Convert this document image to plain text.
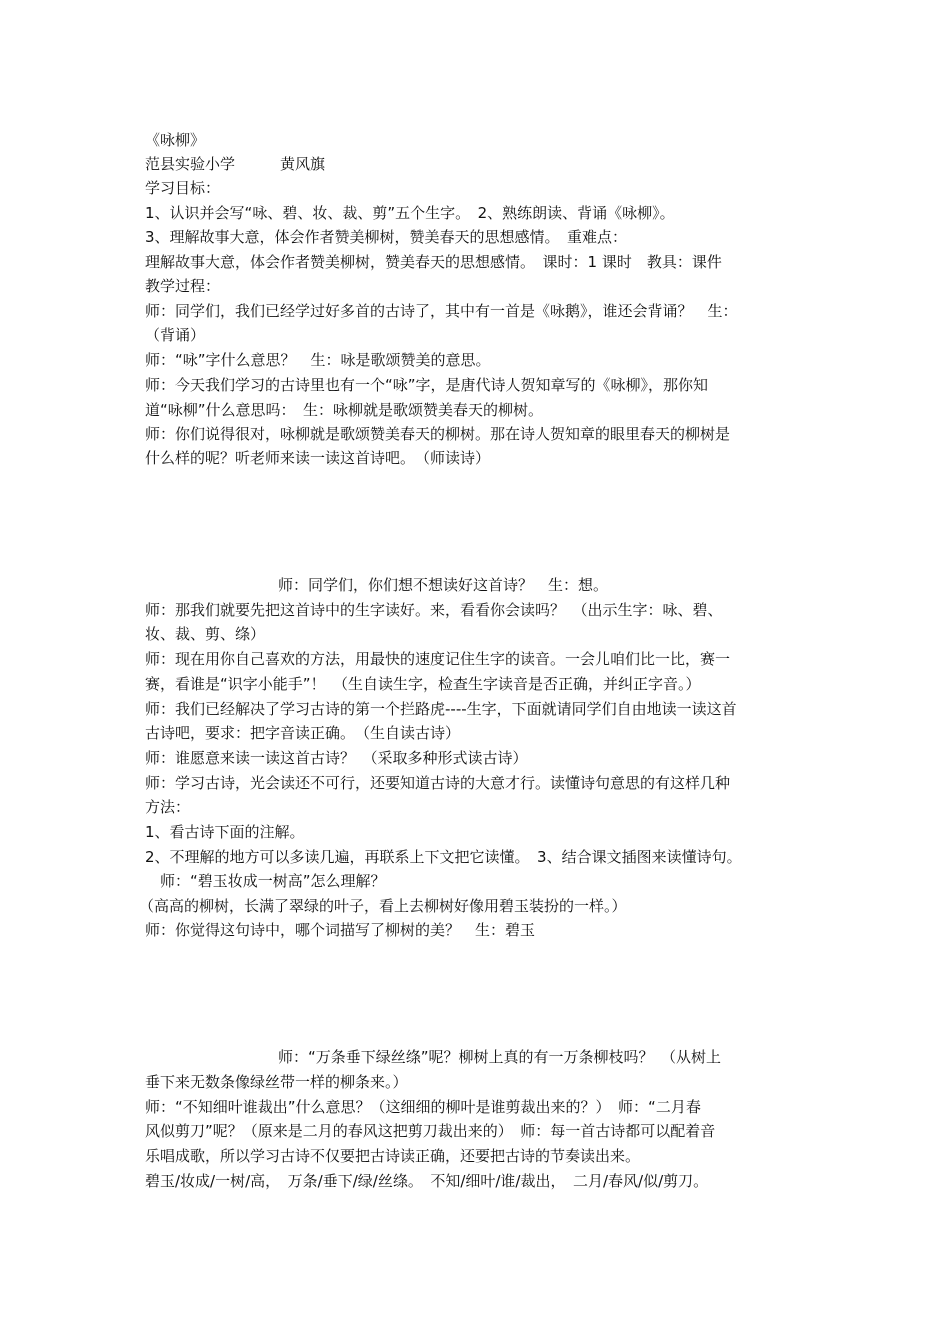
《咏柳》
范县实验小学　　　黄风旗
学习目标：
1、认识并会写“咏、碧、妆、裁、剪”五个生字。　2、熟练朗读、背诵《咏柳》。
3、理解故事大意，体会作者赞美柳树，赞美春天的思想感情。　重难点：
理解故事大意，体会作者赞美柳树，赞美春天的思想感情。　课时：1 课时　教具：课件
教学过程：
师：同学们，我们已经学过好多首的古诗了，其中有一首是《咏鹅》，谁还会背诵？　生：
（背诵）
师：“咏”字什么意思？　生：咏是歌颂赞美的意思。
师：今天我们学习的古诗里也有一个“咏”字，是唐代诗人贺知章写的《咏柳》，那你知
道“咏柳”什么意思吗：　生：咏柳就是歌颂赞美春天的柳树。
师：你们说得很对，咏柳就是歌颂赞美春天的柳树。那在诗人贺知章的眼里春天的柳树是
什么样的呢？听老师来读一读这首诗吧。　（师读诗）
师：同学们，你们想不想读好这首诗？　生：想。
师：那我们就要先把这首诗中的生字读好。来，看看你会读吗？　（出示生字：咏、碧、
妆、裁、剪、绦）
师：现在用你自己喜欢的方法，用最快的速度记住生字的读音。一会儿咱们比一比，赛一
赛，看谁是“识字小能手”！　（生自读生字，检查生字读音是否正确，并纠正字音。）
师：我们已经解决了学习古诗的第一个拦路虎----生字，下面就请同学们自由地读一读这首
古诗吧，要求：把字音读正确。　（生自读古诗）
师：谁愿意来读一读这首古诗？　（采取多种形式读古诗）
师：学习古诗，光会读还不可行，还要知道古诗的大意才行。读懂诗句意思的有这样几种
方法：
1、看古诗下面的注解。
2、不理解的地方可以多读几遍，再联系上下文把它读懂。　3、结合课文插图来读懂诗句。
师：“碧玉妆成一树高”怎么理解？
（高高的柳树，长满了翠绿的叶子，看上去柳树好像用碧玉装扮的一样。）
师：你觉得这句诗中，哪个词描写了柳树的美？　生：碧玉
师：“万条垂下绿丝绦”呢？柳树上真的有一万条柳枝吗？　（从树上
垂下来无数条像绿丝带一样的柳条来。）
师：“不知细叶谁裁出”什么意思？（这细细的柳叶是谁剪裁出来的？）　师：“二月春
风似剪刀”呢？（原来是二月的春风这把剪刀裁出来的）　师：每一首古诗都可以配着音
乐唱成歌，所以学习古诗不仅要把古诗读正确，还要把古诗的节奏读出来。
碧玉/妆成/一树/高，　万条/垂下/绿/丝绦。　不知/细叶/谁/裁出，　二月/春风/似/剪刀。
